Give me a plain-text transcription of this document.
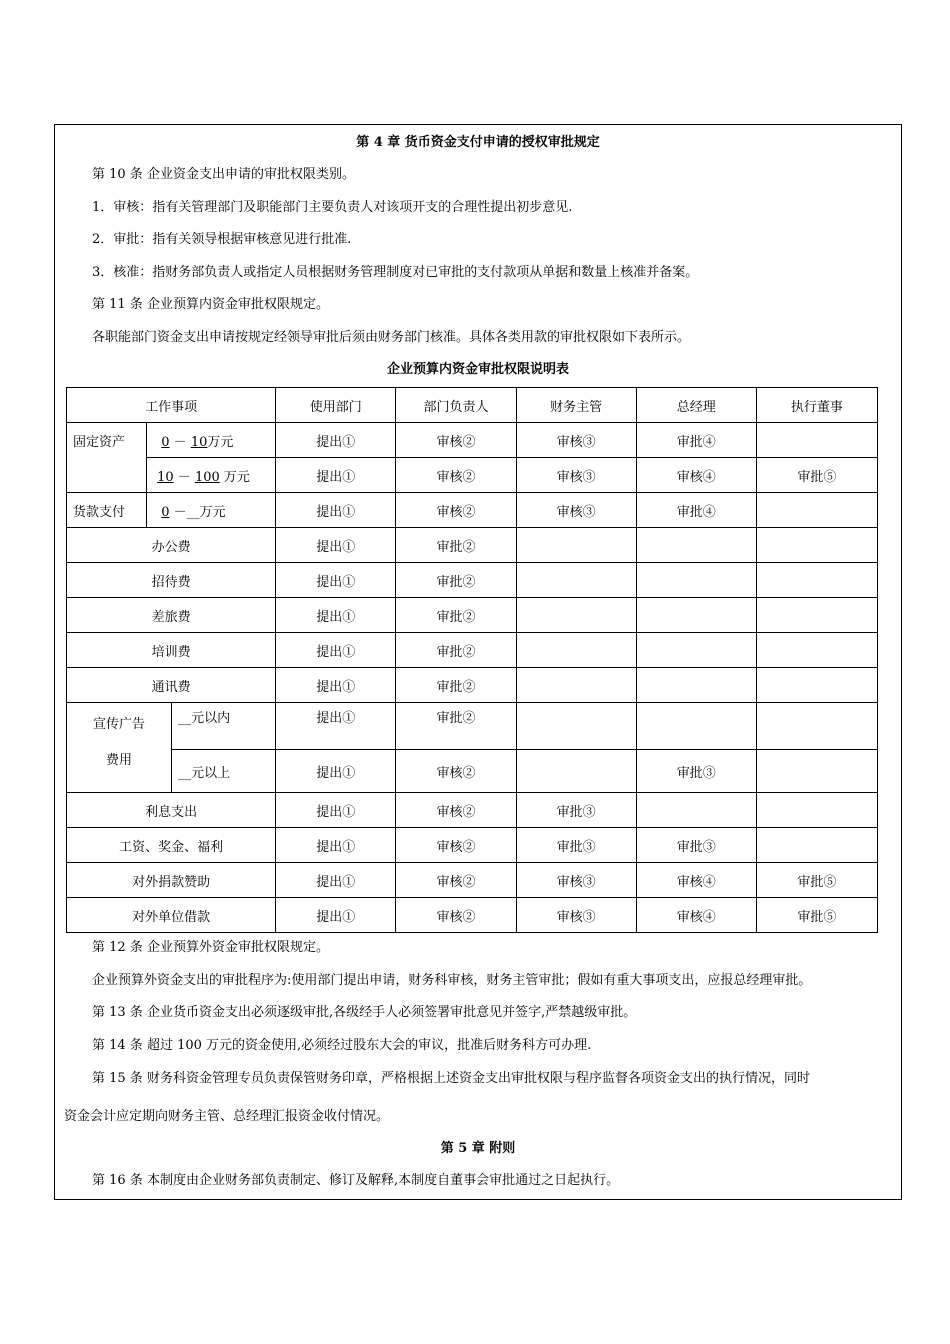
第 4 章 货币资金支付申请的授权审批规定
第 10 条 企业资金支出申请的审批权限类别。
1．审核：指有关管理部门及职能部门主要负责人对该项开支的合理性提出初步意见.
2．审批：指有关领导根据审核意见进行批准.
3．核准：指财务部负责人或指定人员根据财务管理制度对已审批的支付款项从单据和数量上核准并备案。
第 11 条 企业预算内资金审批权限规定。
各职能部门资金支出申请按规定经领导审批后须由财务部门核准。具体各类用款的审批权限如下表所示。
企业预算内资金审批权限说明表
工作事项			使用部门	部门负责人	财务主管	总经理	执行董事
固定资产	0 － 10万元		提出①	审核②	审核③	审批④	
	10 － 100 万元		提出①	审核②	审核③	审核④	审批⑤
货款支付	0 －__万元		提出①	审核②	审核③	审批④	
办公费			提出①	审批②			
招待费			提出①	审批②			
差旅费			提出①	审批②			
培训费			提出①	审批②			
通讯费			提出①	审批②			
宣传广告
费用		__元以内	提出①	审批②			
		__元以上	提出①	审核②		审批③	
利息支出			提出①	审核②	审批③		
工资、奖金、福利			提出①	审核②	审批③	审批③	
对外捐款赞助			提出①	审核②	审核③	审核④	审批⑤
对外单位借款			提出①	审核②	审核③	审核④	审批⑤
第 12 条 企业预算外资金审批权限规定。
企业预算外资金支出的审批程序为:使用部门提出申请，财务科审核，财务主管审批；假如有重大事项支出，应报总经理审批。
第 13 条 企业货币资金支出必须逐级审批,各级经手人必须签署审批意见并签字,严禁越级审批。
第 14 条 超过 100 万元的资金使用,必须经过股东大会的审议，批准后财务科方可办理.
第 15 条 财务科资金管理专员负责保管财务印章，严格根据上述资金支出审批权限与程序监督各项资金支出的执行情况，同时
资金会计应定期向财务主管、总经理汇报资金收付情况。
第 5 章 附则
第 16 条 本制度由企业财务部负责制定、修订及解释,本制度自董事会审批通过之日起执行。
